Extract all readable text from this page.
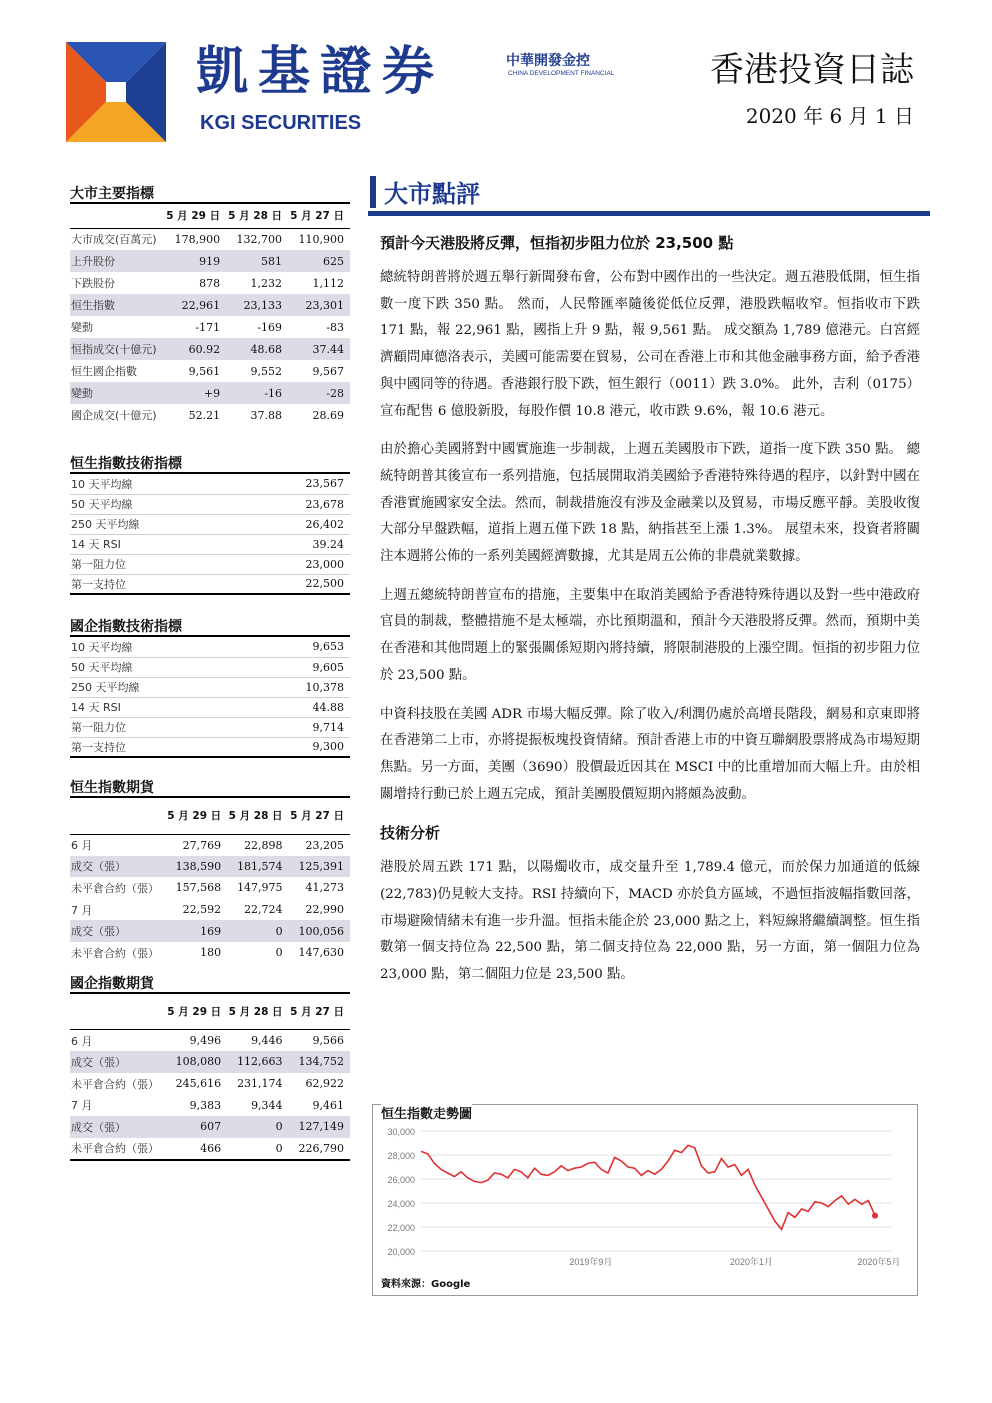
凱基證券
KGI SECURITIES
中華開發金控
CHINA DEVELOPMENT FINANCIAL	香港投資日誌
2020 年 6 月 1 日
大市主要指標
	5 月 29 日	5 月 28 日	5 月 27 日
大市成交(百萬元)	178,900	132,700	110,900
上升股份	919	581	625
下跌股份	878	1,232	1,112
恒生指數	22,961	23,133	23,301
變動	-171	-169	-83
恒指成交(十億元)	60.92	48.68	37.44
恒生國企指數	9,561	9,552	9,567
變動	+9	-16	-28
國企成交(十億元)	52.21	37.88	28.69
恒生指數技術指標
10 天平均線	23,567
50 天平均線	23,678
250 天平均線	26,402
14 天 RSI	39.24
第一阻力位	23,000
第一支持位	22,500
國企指數技術指標
10 天平均線	9,653
50 天平均線	9,605
250 天平均線	10,378
14 天 RSI	44.88
第一阻力位	9,714
第一支持位	9,300
恒生指數期貨
	5 月 29 日	5 月 28 日	5 月 27 日
6 月	27,769	22,898	23,205
成交（張）	138,590	181,574	125,391
未平倉合約（張）	157,568	147,975	41,273
7 月	22,592	22,724	22,990
成交（張）	169	0	100,056
未平倉合約（張）	180	0	147,630
國企指數期貨
	5 月 29 日	5 月 28 日	5 月 27 日
6 月	9,496	9,446	9,566
成交（張）	108,080	112,663	134,752
未平倉合約（張）	245,616	231,174	62,922
7 月	9,383	9,344	9,461
成交（張）	607	0	127,149
未平倉合約（張）	466	0	226,790
大市點評
預計今天港股將反彈，恒指初步阻力位於 23,500 點

總統特朗普將於週五舉行新聞發布會，公布對中國作出的一些決定。週五港股低開，恒生指數一度下跌 350 點。 然而，人民幣匯率隨後從低位反彈，港股跌幅收窄。恒指收市下跌 171 點，報 22,961 點，國指上升 9 點，報 9,561 點。 成交額為 1,789 億港元。白宮經濟顧問庫德洛表示，美國可能需要在貿易，公司在香港上市和其他金融事務方面，給予香港與中國同等的待遇。香港銀行股下跌，恒生銀行（0011）跌 3.0%。 此外，吉利（0175）宣布配售 6 億股新股，每股作價 10.8 港元，收市跌 9.6%，報 10.6 港元。

由於擔心美國將對中國實施進一步制裁，上週五美國股市下跌，道指一度下跌 350 點。 總統特朗普其後宣布一系列措施，包括展開取消美國給予香港特殊待遇的程序，以針對中國在香港實施國家安全法。然而，制裁措施沒有涉及金融業以及貿易，市場反應平靜。美股收復大部分早盤跌幅，道指上週五僅下跌 18 點，納指甚至上漲 1.3%。 展望未來，投資者將關注本週將公佈的一系列美國經濟數據，尤其是周五公佈的非農就業數據。

上週五總統特朗普宣布的措施，主要集中在取消美國給予香港特殊待遇以及對一些中港政府官員的制裁，整體措施不是太極端，亦比預期溫和，預計今天港股將反彈。然而，預期中美在香港和其他問題上的緊張關係短期內將持續，將限制港股的上漲空間。恒指的初步阻力位於 23,500 點。

中資科技股在美國 ADR 市場大幅反彈。除了收入/利潤仍處於高增長階段，網易和京東即將在香港第二上市，亦將提振板塊投資情緒。預計香港上市的中資互聯網股票將成為市場短期焦點。另一方面，美團（3690）股價最近因其在 MSCI 中的比重增加而大幅上升。由於相關增持行動已於上週五完成，預計美團股價短期內將頗為波動。

技術分析

港股於周五跌 171 點，以陽燭收市，成交量升至 1,789.4 億元，而於保力加通道的低線(22,783)仍見較大支持。RSI 持續向下，MACD 亦於負方區域，不過恒指波幅指數回落，市場避險情緒未有進一步升溫。恒指未能企於 23,000 點之上，料短線將繼續調整。恒生指數第一個支持位為 22,500 點，第二個支持位為 22,000 點，另一方面，第一個阻力位為 23,000 點，第二個阻力位是 23,500 點。

恒生指數走勢圖
30,000
28,000
26,000
24,000
22,000
20,000
2019年9月	2020年1月	2020年5月
資料來源：Google
